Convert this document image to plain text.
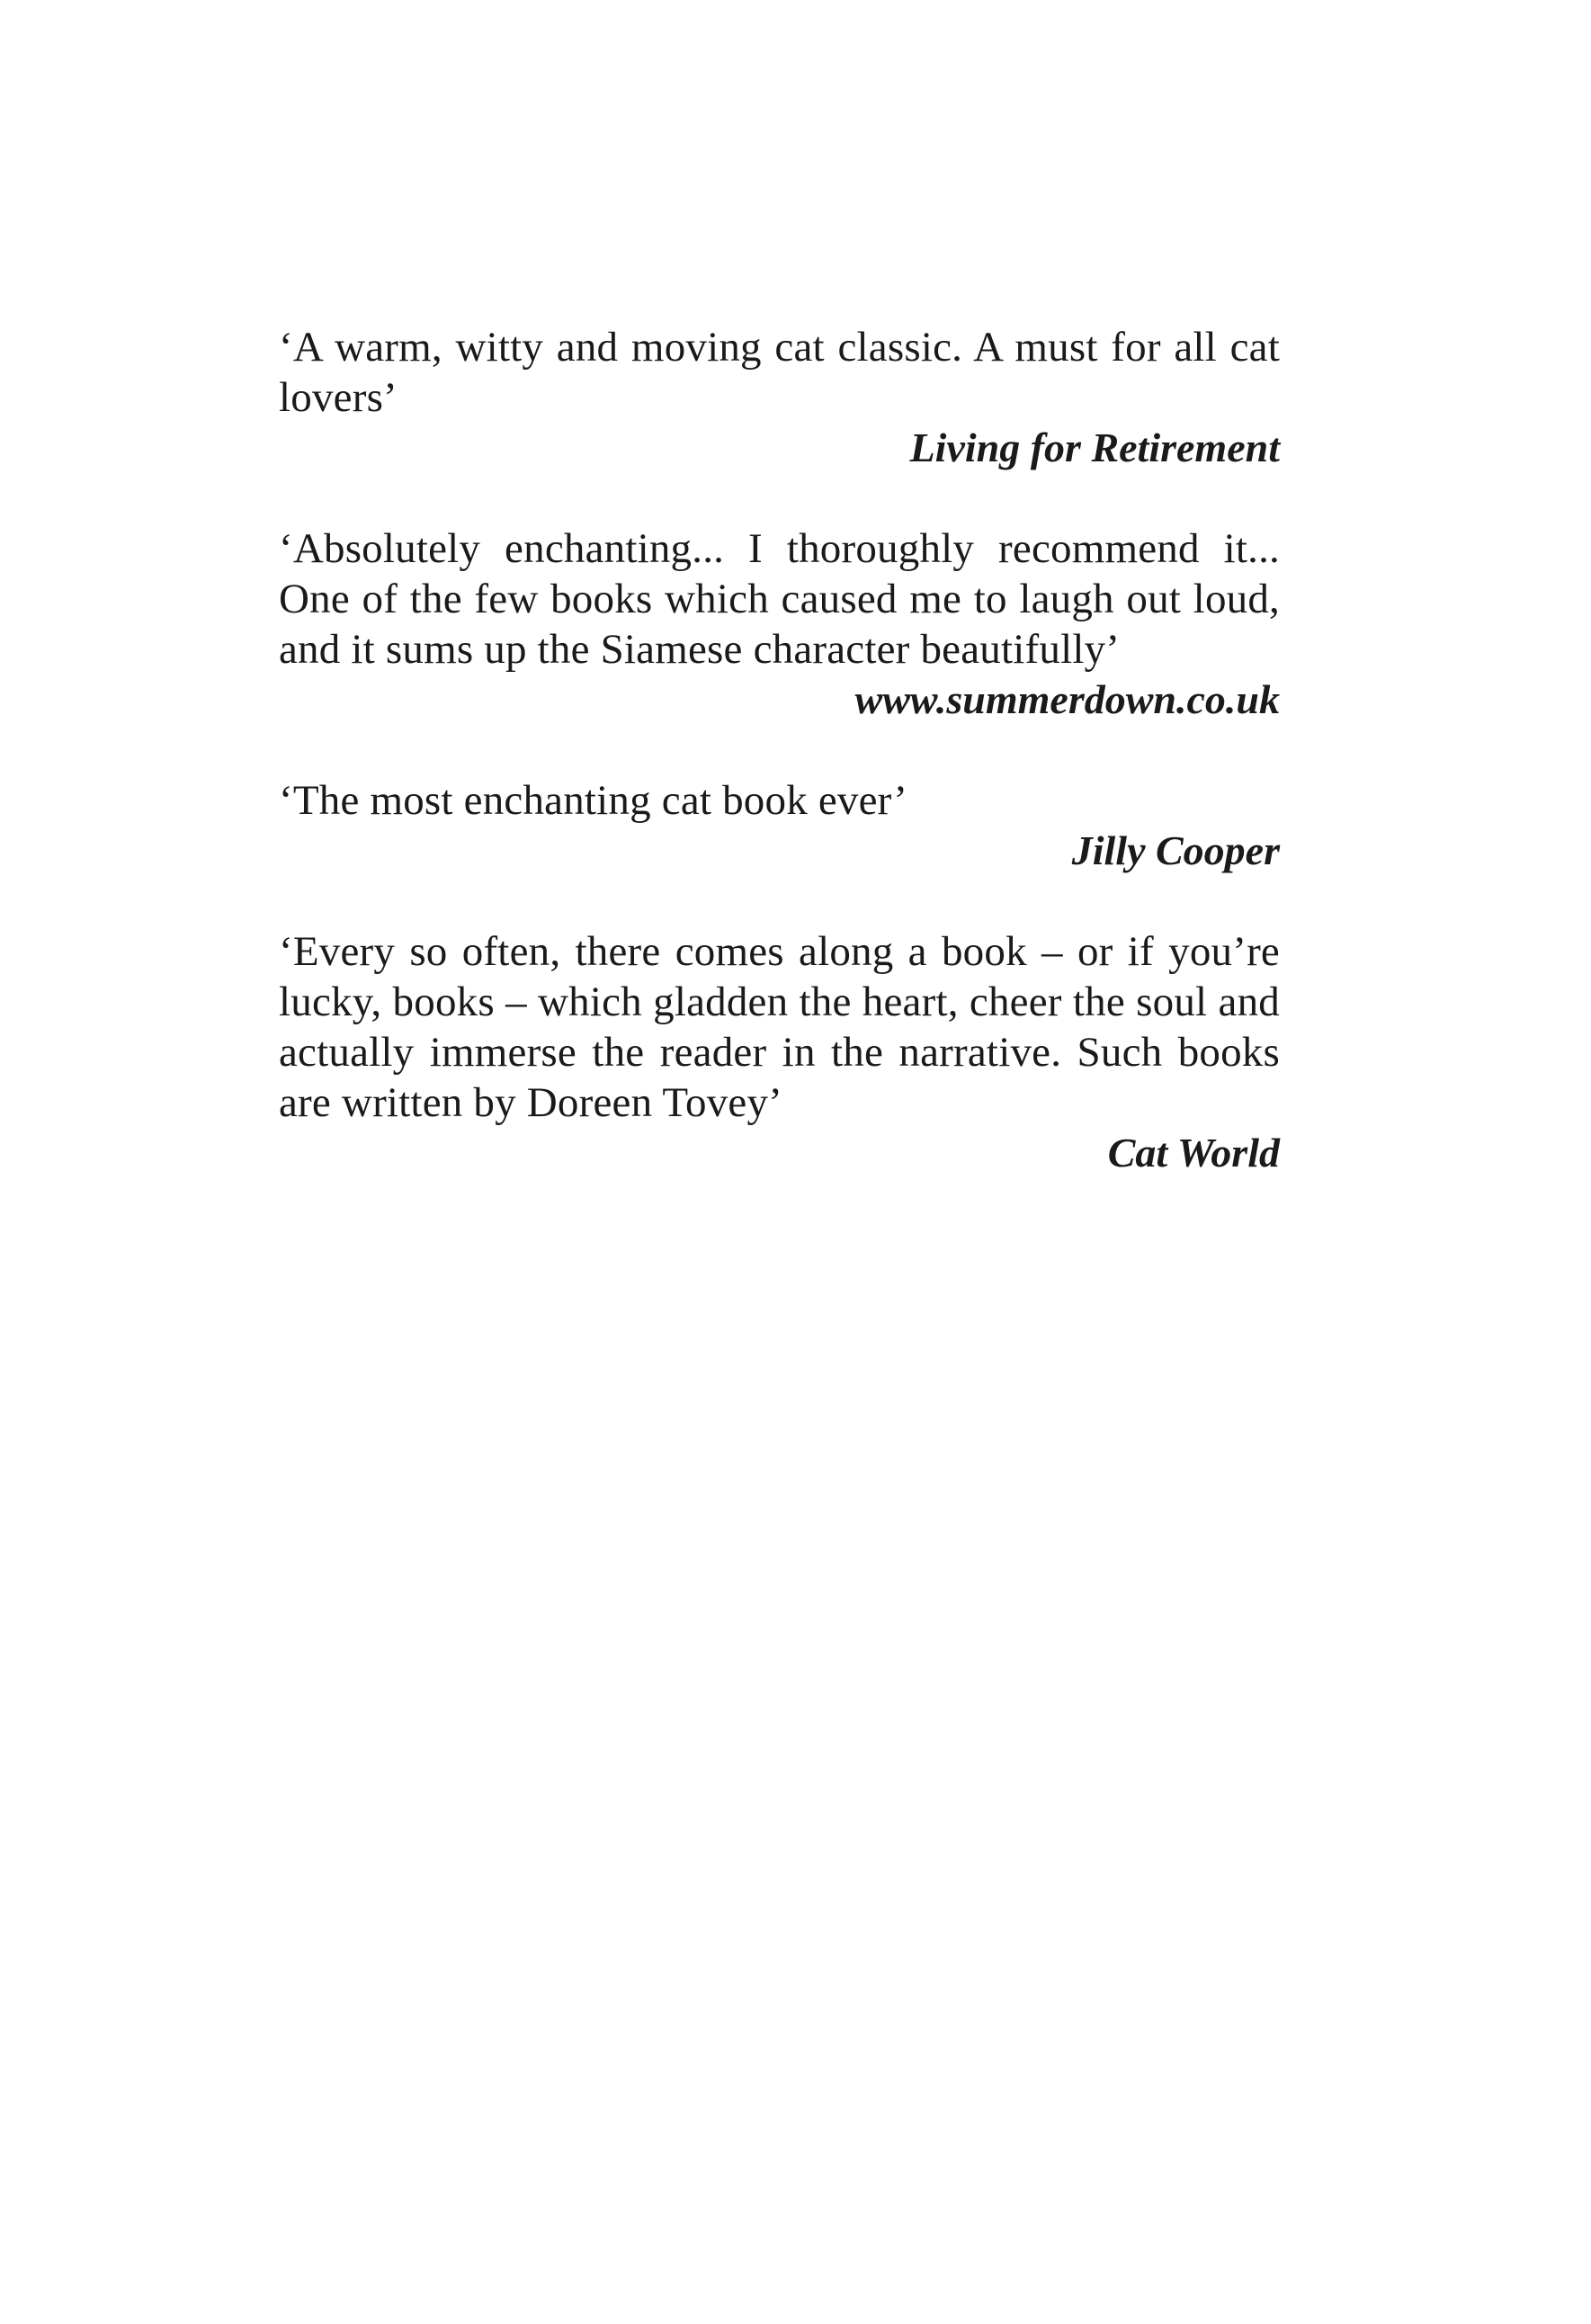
‘A warm, witty and moving cat classic. A must for all cat lovers’

Living for Retirement

‘Absolutely enchanting... I thoroughly recommend it... One of the few books which caused me to laugh out loud, and it sums up the Siamese character beautifully’

www.summerdown.co.uk

‘The most enchanting cat book ever’

Jilly Cooper

‘Every so often, there comes along a book – or if you’re lucky, books – which gladden the heart, cheer the soul and actually immerse the reader in the narrative. Such books are written by Doreen Tovey’

Cat World
